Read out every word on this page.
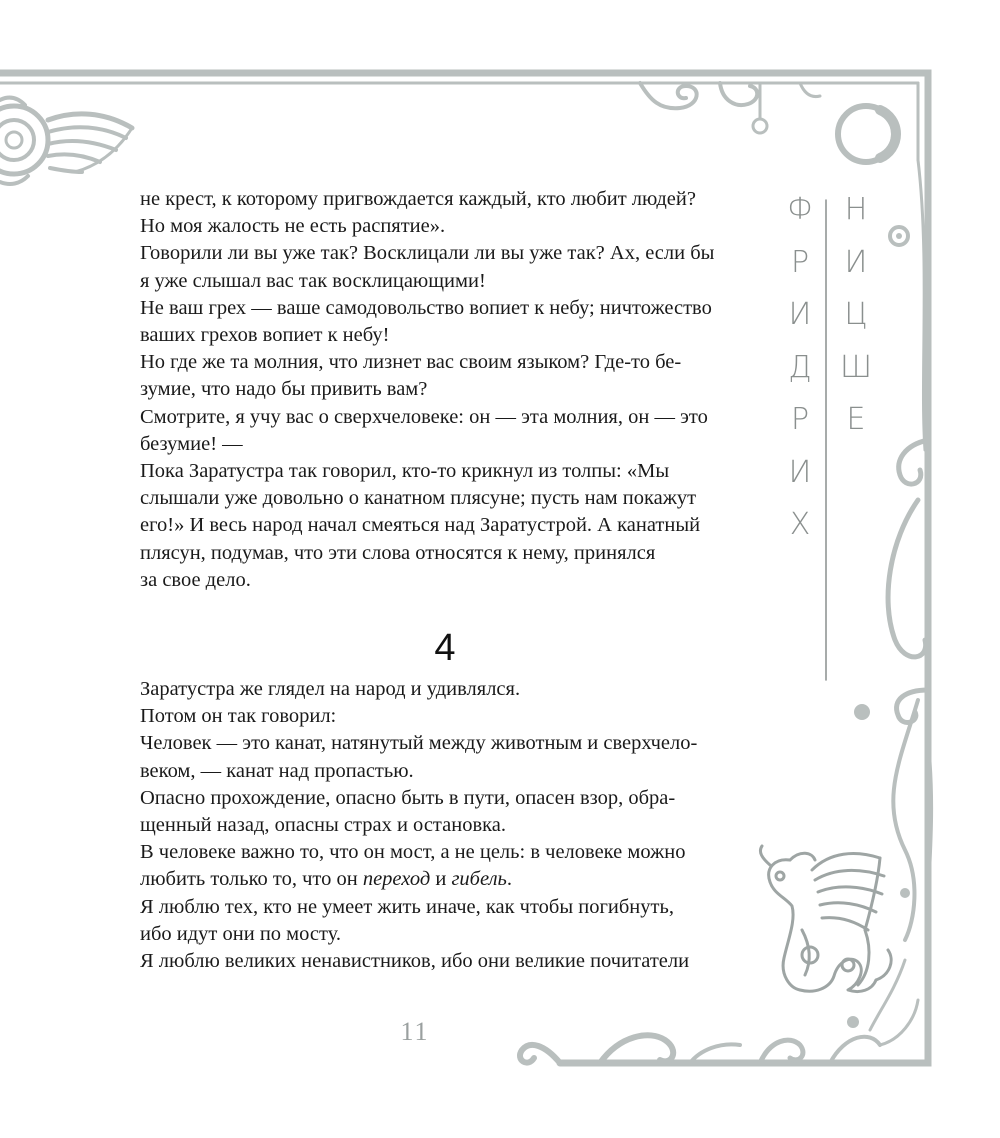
не крест, к которому пригвождается каждый, кто любит людей?
Но моя жалость не есть распятие».

Говорили ли вы уже так? Восклицали ли вы уже так? Ах, если бы
я уже слышал вас так восклицающими!

Не ваш грех — ваше самодовольство вопиет к небу; ничтожество
ваших грехов вопиет к небу!

Но где же та молния, что лизнет вас своим языком? Где-то бе-
зумие, что надо бы привить вам?

Смотрите, я учу вас о сверхчеловеке: он — эта молния, он — это
безумие! —

Пока Заратустра так говорил, кто-то крикнул из толпы: «Мы
слышали уже довольно о канатном плясуне; пусть нам покажут
его!» И весь народ начал смеяться над Заратустрой. А канатный
плясун, подумав, что эти слова относятся к нему, принялся
за свое дело.

4

Заратустра же глядел на народ и удивлялся.

Потом он так говорил:

Человек — это канат, натянутый между животным и сверхчело-
веком, — канат над пропастью.

Опасно прохождение, опасно быть в пути, опасен взор, обра-
щенный назад, опасны страх и остановка.

В человеке важно то, что он мост, а не цель: в человеке можно
любить только то, что он переход и гибель.

Я люблю тех, кто не умеет жить иначе, как чтобы погибнуть,
ибо идут они по мосту.

Я люблю великих ненавистников, ибо они великие почитатели

Ф
Р
И
Д
Р
И
Х
Н
И
Ц
Ш
Е
11
